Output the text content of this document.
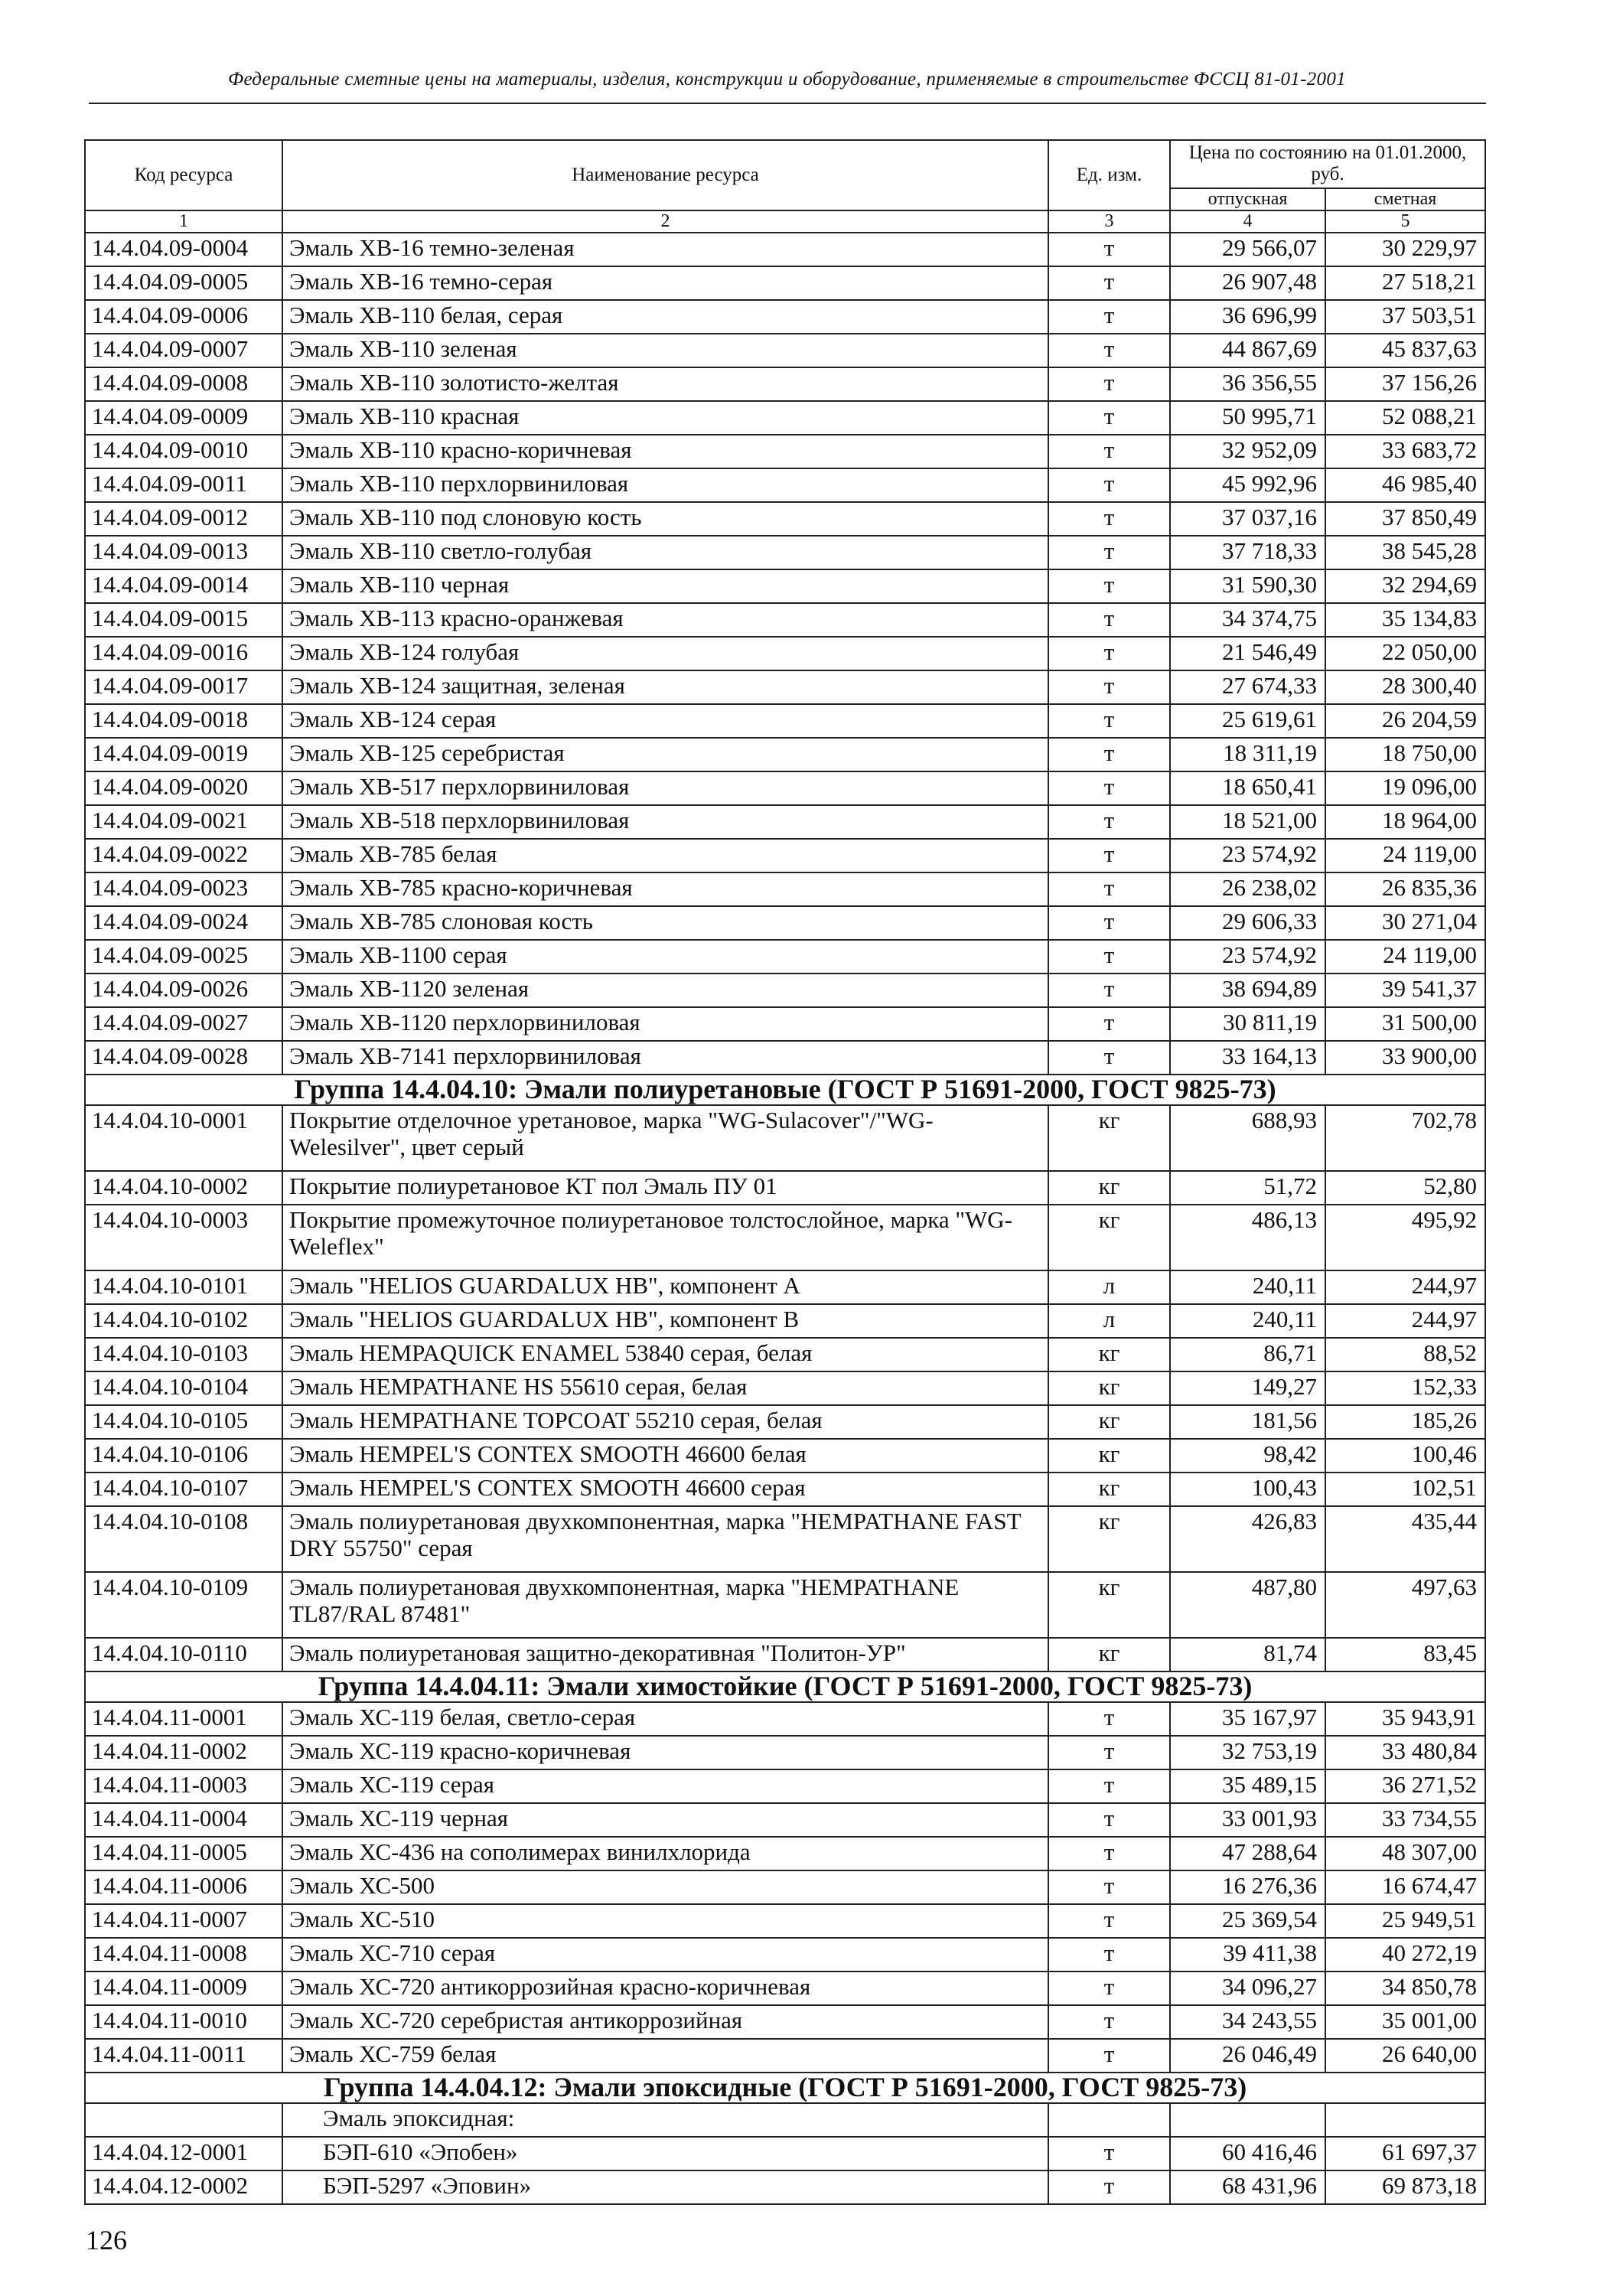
Федеральные сметные цены на материалы, изделия, конструкции и оборудование, применяемые в строительстве ФССЦ 81-01-2001
Код ресурса	Наименование ресурса	Ед. изм.	Цена по состоянию на 01.01.2000, руб.	
			отпускная	сметная
1	2	3	4	5
14.4.04.09-0004	Эмаль ХВ-16 темно-зеленая	т	29 566,07	30 229,97
14.4.04.09-0005	Эмаль ХВ-16 темно-серая	т	26 907,48	27 518,21
14.4.04.09-0006	Эмаль ХВ-110 белая, серая	т	36 696,99	37 503,51
14.4.04.09-0007	Эмаль ХВ-110 зеленая	т	44 867,69	45 837,63
14.4.04.09-0008	Эмаль ХВ-110 золотисто-желтая	т	36 356,55	37 156,26
14.4.04.09-0009	Эмаль ХВ-110 красная	т	50 995,71	52 088,21
14.4.04.09-0010	Эмаль ХВ-110 красно-коричневая	т	32 952,09	33 683,72
14.4.04.09-0011	Эмаль ХВ-110 перхлорвиниловая	т	45 992,96	46 985,40
14.4.04.09-0012	Эмаль ХВ-110 под слоновую кость	т	37 037,16	37 850,49
14.4.04.09-0013	Эмаль ХВ-110 светло-голубая	т	37 718,33	38 545,28
14.4.04.09-0014	Эмаль ХВ-110 черная	т	31 590,30	32 294,69
14.4.04.09-0015	Эмаль ХВ-113 красно-оранжевая	т	34 374,75	35 134,83
14.4.04.09-0016	Эмаль ХВ-124 голубая	т	21 546,49	22 050,00
14.4.04.09-0017	Эмаль ХВ-124 защитная, зеленая	т	27 674,33	28 300,40
14.4.04.09-0018	Эмаль ХВ-124 серая	т	25 619,61	26 204,59
14.4.04.09-0019	Эмаль ХВ-125 серебристая	т	18 311,19	18 750,00
14.4.04.09-0020	Эмаль ХВ-517 перхлорвиниловая	т	18 650,41	19 096,00
14.4.04.09-0021	Эмаль ХВ-518 перхлорвиниловая	т	18 521,00	18 964,00
14.4.04.09-0022	Эмаль ХВ-785 белая	т	23 574,92	24 119,00
14.4.04.09-0023	Эмаль ХВ-785 красно-коричневая	т	26 238,02	26 835,36
14.4.04.09-0024	Эмаль ХВ-785 слоновая кость	т	29 606,33	30 271,04
14.4.04.09-0025	Эмаль ХВ-1100 серая	т	23 574,92	24 119,00
14.4.04.09-0026	Эмаль ХВ-1120 зеленая	т	38 694,89	39 541,37
14.4.04.09-0027	Эмаль ХВ-1120 перхлорвиниловая	т	30 811,19	31 500,00
14.4.04.09-0028	Эмаль ХВ-7141 перхлорвиниловая	т	33 164,13	33 900,00
Группа 14.4.04.10: Эмали полиуретановые (ГОСТ Р 51691-2000, ГОСТ 9825-73)				
14.4.04.10-0001	Покрытие отделочное уретановое, марка "WG-Sulacover"/"WG- Welesilver", цвет серый	кг	688,93	702,78
14.4.04.10-0002	Покрытие полиуретановое КТ пол Эмаль ПУ 01	кг	51,72	52,80
14.4.04.10-0003	Покрытие промежуточное полиуретановое толстослойное, марка "WG-Weleflex"	кг	486,13	495,92
14.4.04.10-0101	Эмаль "HELIOS GUARDALUX HB", компонент А	л	240,11	244,97
14.4.04.10-0102	Эмаль "HELIOS GUARDALUX HB", компонент В	л	240,11	244,97
14.4.04.10-0103	Эмаль HEMPAQUICK ENAMEL 53840 серая, белая	кг	86,71	88,52
14.4.04.10-0104	Эмаль HEMPATHANE HS 55610 серая, белая	кг	149,27	152,33
14.4.04.10-0105	Эмаль HEMPATHANE TOPCOAT 55210 серая, белая	кг	181,56	185,26
14.4.04.10-0106	Эмаль HEMPEL'S CONTEX SMOOTH 46600 белая	кг	98,42	100,46
14.4.04.10-0107	Эмаль HEMPEL'S CONTEX SMOOTH 46600 серая	кг	100,43	102,51
14.4.04.10-0108	Эмаль полиуретановая двухкомпонентная, марка "HEMPATHANE FAST DRY 55750" серая	кг	426,83	435,44
14.4.04.10-0109	Эмаль полиуретановая двухкомпонентная, марка "HEMPATHANE TL87/RAL 87481"	кг	487,80	497,63
14.4.04.10-0110	Эмаль полиуретановая защитно-декоративная "Политон-УР"	кг	81,74	83,45
Группа 14.4.04.11: Эмали химостойкие (ГОСТ Р 51691-2000, ГОСТ 9825-73)				
14.4.04.11-0001	Эмаль ХС-119 белая, светло-серая	т	35 167,97	35 943,91
14.4.04.11-0002	Эмаль ХС-119 красно-коричневая	т	32 753,19	33 480,84
14.4.04.11-0003	Эмаль ХС-119 серая	т	35 489,15	36 271,52
14.4.04.11-0004	Эмаль ХС-119 черная	т	33 001,93	33 734,55
14.4.04.11-0005	Эмаль ХС-436 на сополимерах винилхлорида	т	47 288,64	48 307,00
14.4.04.11-0006	Эмаль ХС-500	т	16 276,36	16 674,47
14.4.04.11-0007	Эмаль ХС-510	т	25 369,54	25 949,51
14.4.04.11-0008	Эмаль ХС-710 серая	т	39 411,38	40 272,19
14.4.04.11-0009	Эмаль ХС-720 антикоррозийная красно-коричневая	т	34 096,27	34 850,78
14.4.04.11-0010	Эмаль ХС-720 серебристая антикоррозийная	т	34 243,55	35 001,00
14.4.04.11-0011	Эмаль ХС-759 белая	т	26 046,49	26 640,00
Группа 14.4.04.12: Эмали эпоксидные (ГОСТ Р 51691-2000, ГОСТ 9825-73)				
	Эмаль эпоксидная:			
14.4.04.12-0001	БЭП-610 «Эпобен»	т	60 416,46	61 697,37
14.4.04.12-0002	БЭП-5297 «Эповин»	т	68 431,96	69 873,18
126
